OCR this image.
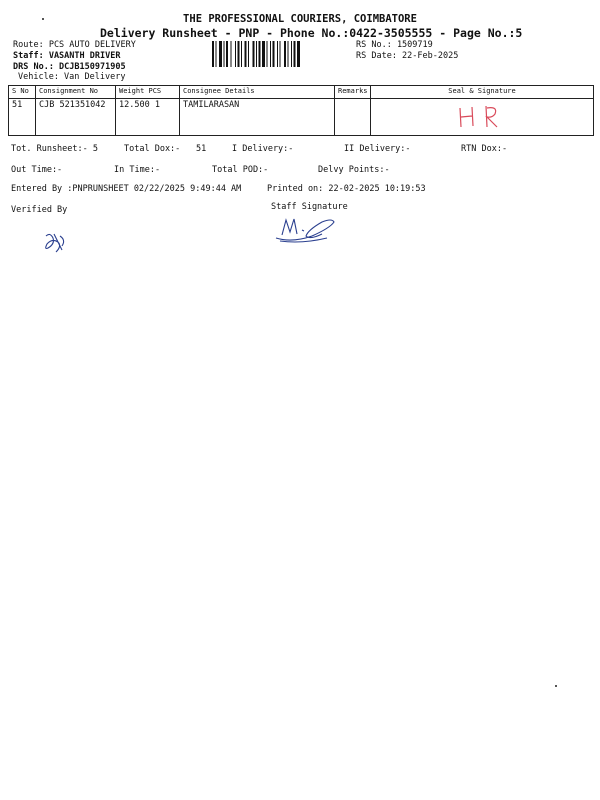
THE PROFESSIONAL COURIERS, COIMBATORE
Delivery Runsheet - PNP - Phone No.:0422-3505555 - Page No.:5
Route: PCS AUTO DELIVERY
Staff: VASANTH DRIVER
DRS No.: DCJB150971905
Vehicle: Van Delivery
RS No.: 1509719
RS Date: 22-Feb-2025
S No	Consignment No	Weight PCS	Consignee Details	Remarks	Seal & Signature
51	CJB 521351042	12.500 1	TAMILARASAN		
Tot. Runsheet:- 5	Total Dox:- 51	I Delivery:-	II Delivery:-	RTN Dox:-
Out Time:-	In Time:-	Total POD:-	Delvy Points:-
Entered By :PNPRUNSHEET 02/22/2025 9:49:44 AM	Printed on: 22-02-2025 10:19:53
Verified By	Staff Signature
